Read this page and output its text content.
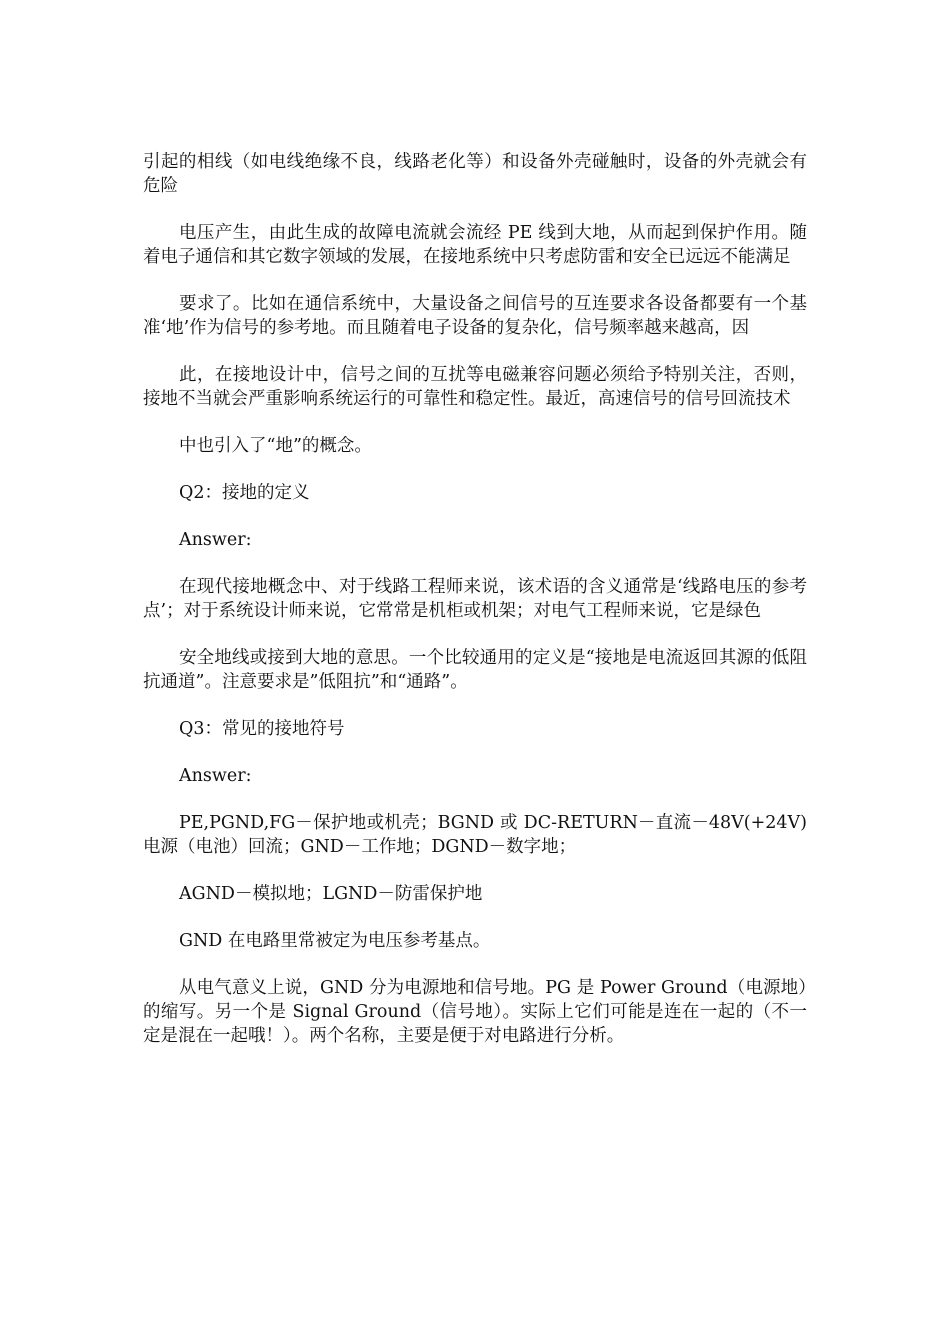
引起的相线（如电线绝缘不良，线路老化等）和设备外壳碰触时，设备的外壳就会有危险

电压产生，由此生成的故障电流就会流经 PE 线到大地，从而起到保护作用。随着电子通信和其它数字领域的发展，在接地系统中只考虑防雷和安全已远远不能满足

要求了。比如在通信系统中，大量设备之间信号的互连要求各设备都要有一个基准‘地’作为信号的参考地。而且随着电子设备的复杂化，信号频率越来越高，因

此，在接地设计中，信号之间的互扰等电磁兼容问题必须给予特别关注，否则，接地不当就会严重影响系统运行的可靠性和稳定性。最近，高速信号的信号回流技术

中也引入了“地”的概念。

Q2：接地的定义

Answer:

在现代接地概念中、对于线路工程师来说，该术语的含义通常是‘线路电压的参考点’；对于系统设计师来说，它常常是机柜或机架；对电气工程师来说，它是绿色

安全地线或接到大地的意思。一个比较通用的定义是“接地是电流返回其源的低阻抗通道”。注意要求是”低阻抗”和“通路”。

Q3：常见的接地符号

Answer:

PE,PGND,FG－保护地或机壳；BGND 或 DC-RETURN－直流－48V(+24V)电源（电池）回流；GND－工作地；DGND－数字地；

AGND－模拟地；LGND－防雷保护地

GND 在电路里常被定为电压参考基点。

从电气意义上说，GND 分为电源地和信号地。PG 是 Power Ground（电源地）的缩写。另一个是 Signal Ground（信号地）。实际上它们可能是连在一起的（不一定是混在一起哦！）。两个名称，主要是便于对电路进行分析。
